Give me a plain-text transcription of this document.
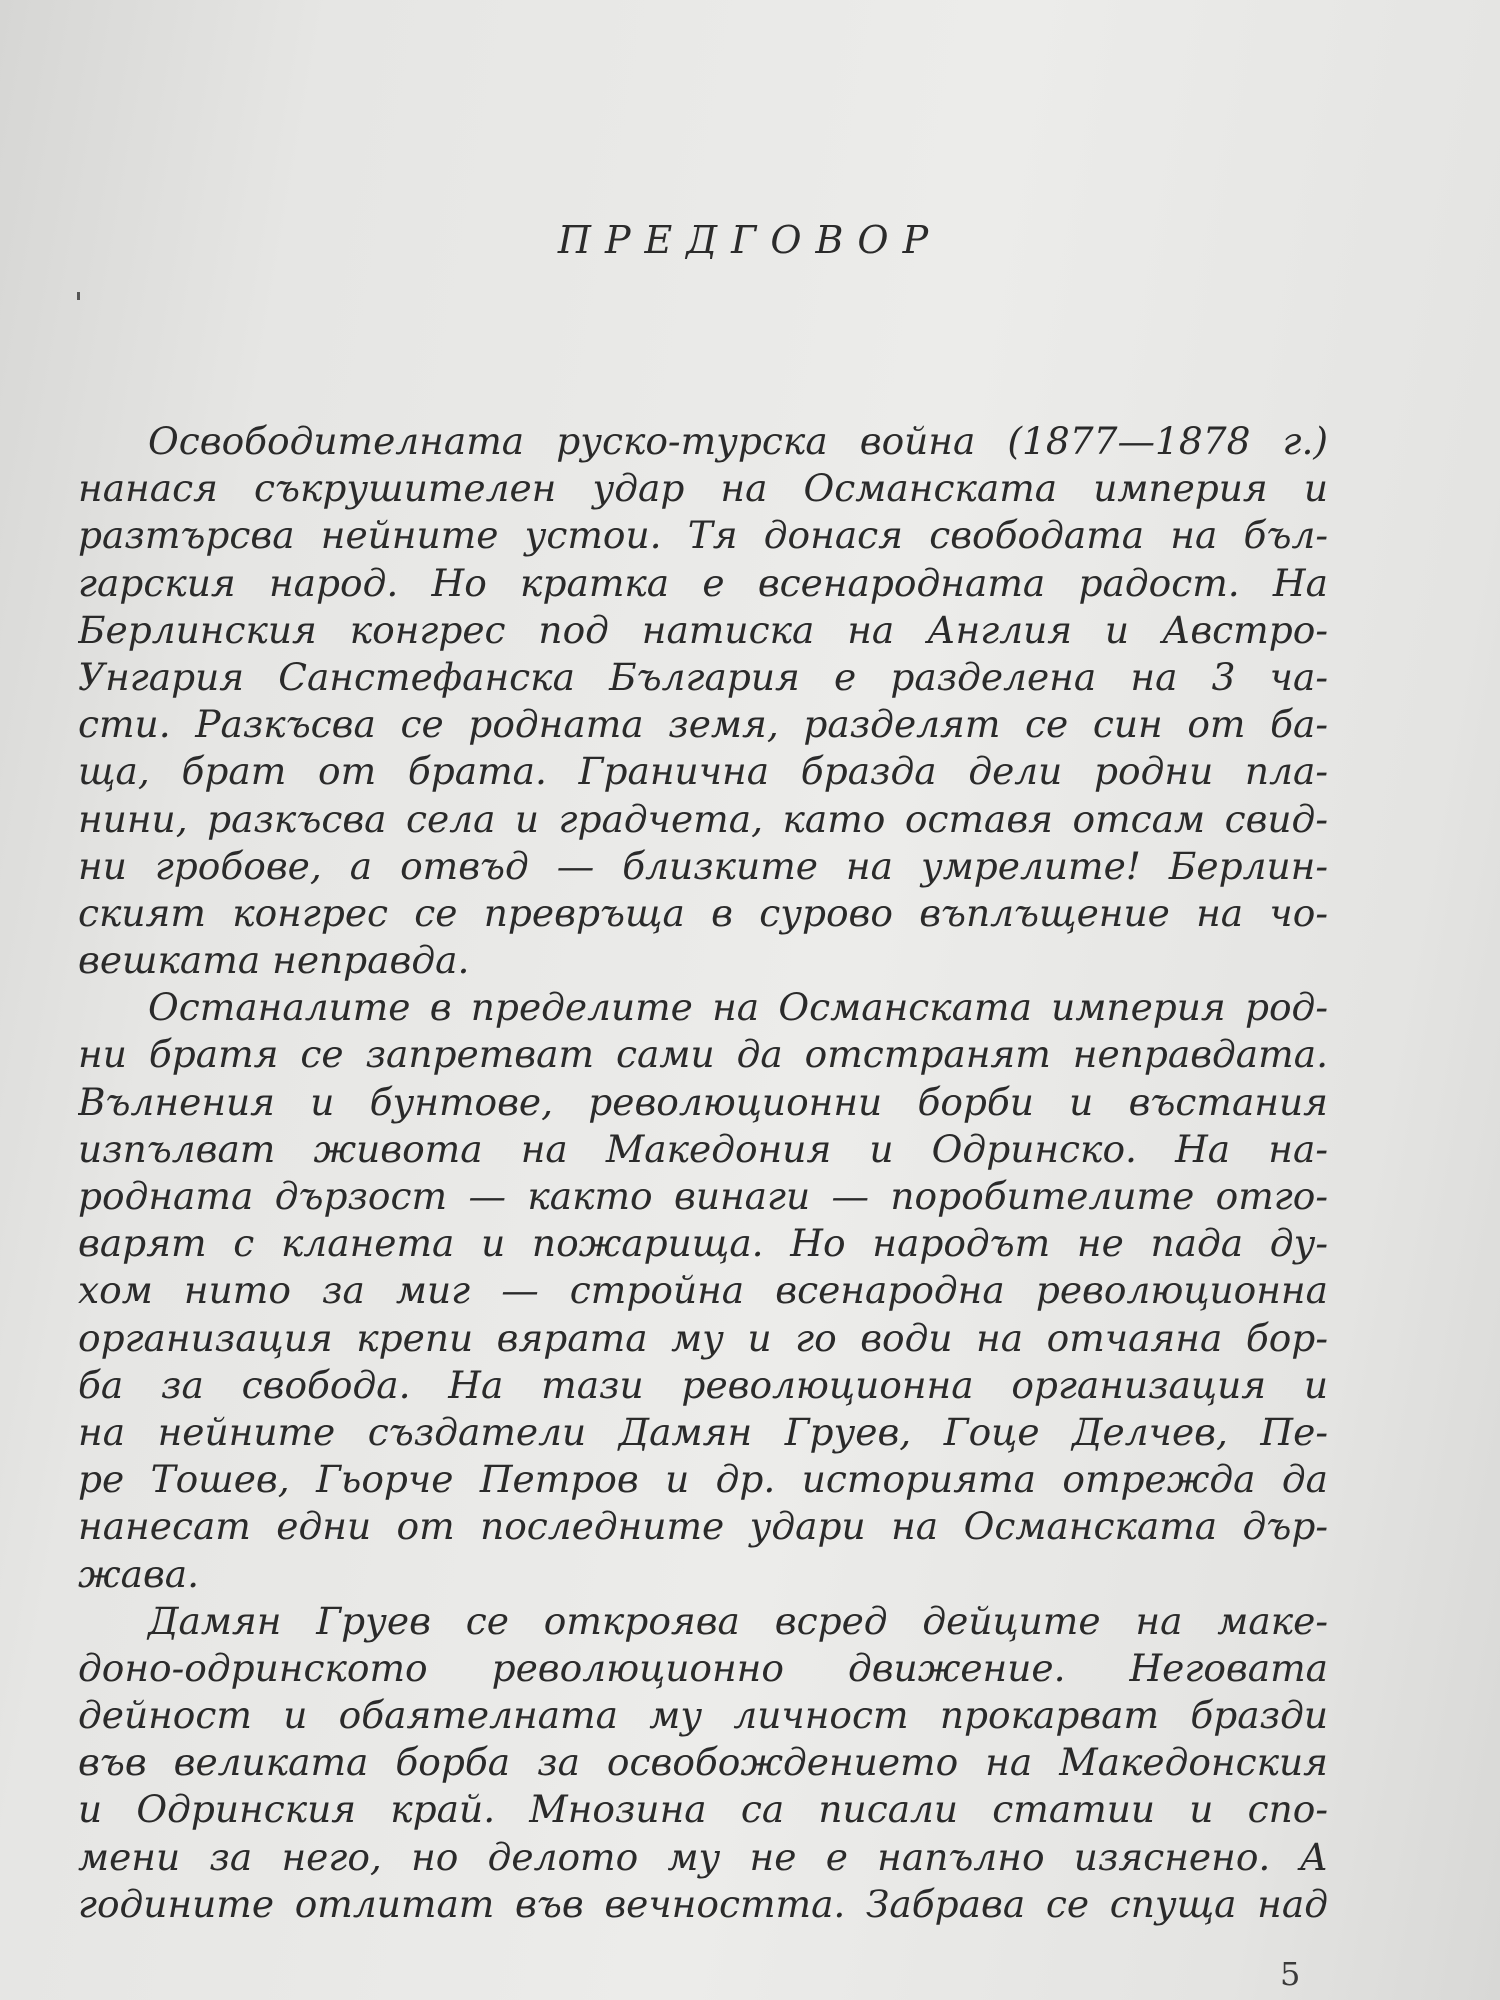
ПРЕДГОВОР
Освободителната руско-турска война (1877—1878 г.)
нанася съкрушителен удар на Османската империя и
разтърсва нейните устои. Тя донася свободата на бъл-
гарския народ. Но кратка е всенародната радост. На
Берлинския конгрес под натиска на Англия и Австро-
Унгария Санстефанска България е разделена на 3 ча-
сти. Разкъсва се родната земя, разделят се син от ба-
ща, брат от брата. Гранична бразда дели родни пла-
нини, разкъсва села и градчета, като оставя отсам свид-
ни гробове, а отвъд — близките на умрелите! Берлин-
ският конгрес се превръща в сурово въплъщение на чо-
вешката неправда.
Останалите в пределите на Османската империя род-
ни братя се запретват сами да отстранят неправдата.
Вълнения и бунтове, революционни борби и въстания
изпълват живота на Македония и Одринско. На на-
родната дързост — както винаги — поробителите отго-
варят с кланета и пожарища. Но народът не пада ду-
хом нито за миг — стройна всенародна революционна
организация крепи вярата му и го води на отчаяна бор-
ба за свобода. На тази революционна организация и
на нейните създатели Дамян Груев, Гоце Делчев, Пе-
ре Тошев, Гьорче Петров и др. историята отрежда да
нанесат едни от последните удари на Османската дър-
жава.
Дамян Груев се откроява всред дейците на маке-
доно-одринското революционно движение. Неговата
дейност и обаятелната му личност прокарват бразди
във великата борба за освобождението на Македонския
и Одринския край. Мнозина са писали статии и спо-
мени за него, но делото му не е напълно изяснено. А
годините отлитат във вечността. Забрава се спуща над
5
